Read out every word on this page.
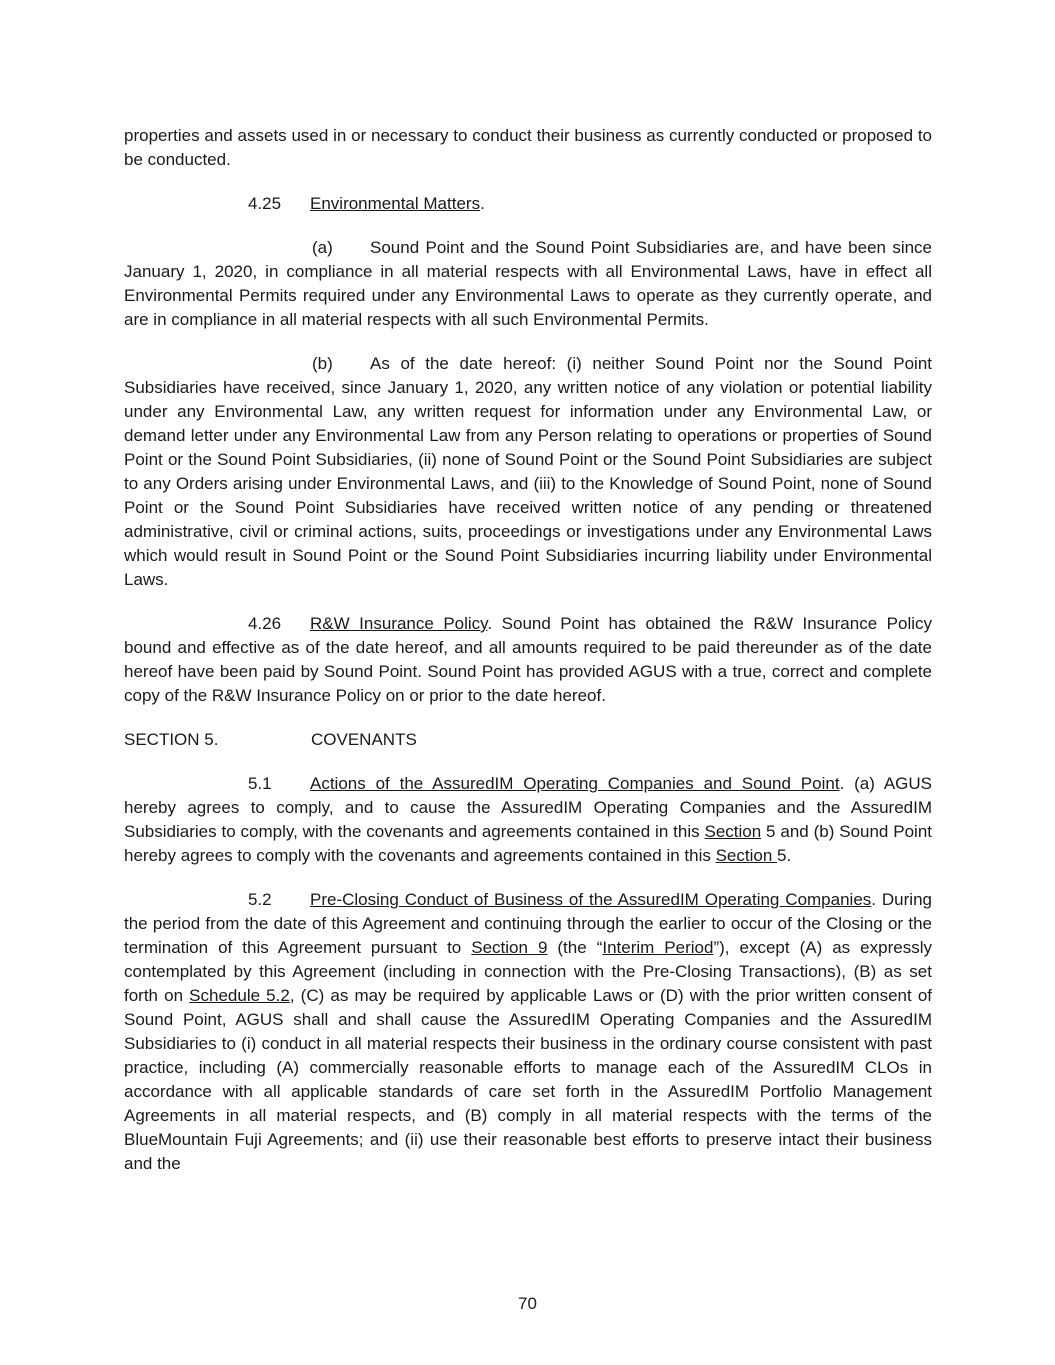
properties and assets used in or necessary to conduct their business as currently conducted or proposed to be conducted.

4.25 Environmental Matters.

(a) Sound Point and the Sound Point Subsidiaries are, and have been since January 1, 2020, in compliance in all material respects with all Environmental Laws, have in effect all Environmental Permits required under any Environmental Laws to operate as they currently operate, and are in compliance in all material respects with all such Environmental Permits.

(b) As of the date hereof: (i) neither Sound Point nor the Sound Point Subsidiaries have received, since January 1, 2020, any written notice of any violation or potential liability under any Environmental Law, any written request for information under any Environmental Law, or demand letter under any Environmental Law from any Person relating to operations or properties of Sound Point or the Sound Point Subsidiaries, (ii) none of Sound Point or the Sound Point Subsidiaries are subject to any Orders arising under Environmental Laws, and (iii) to the Knowledge of Sound Point, none of Sound Point or the Sound Point Subsidiaries have received written notice of any pending or threatened administrative, civil or criminal actions, suits, proceedings or investigations under any Environmental Laws which would result in Sound Point or the Sound Point Subsidiaries incurring liability under Environmental Laws.

4.26 R&W Insurance Policy. Sound Point has obtained the R&W Insurance Policy bound and effective as of the date hereof, and all amounts required to be paid thereunder as of the date hereof have been paid by Sound Point. Sound Point has provided AGUS with a true, correct and complete copy of the R&W Insurance Policy on or prior to the date hereof.

SECTION 5.	COVENANTS

5.1 Actions of the AssuredIM Operating Companies and Sound Point. (a) AGUS hereby agrees to comply, and to cause the AssuredIM Operating Companies and the AssuredIM Subsidiaries to comply, with the covenants and agreements contained in this Section 5 and (b) Sound Point hereby agrees to comply with the covenants and agreements contained in this Section 5.

5.2 Pre-Closing Conduct of Business of the AssuredIM Operating Companies. During the period from the date of this Agreement and continuing through the earlier to occur of the Closing or the termination of this Agreement pursuant to Section 9 (the “Interim Period”), except (A) as expressly contemplated by this Agreement (including in connection with the Pre-Closing Transactions), (B) as set forth on Schedule 5.2, (C) as may be required by applicable Laws or (D) with the prior written consent of Sound Point, AGUS shall and shall cause the AssuredIM Operating Companies and the AssuredIM Subsidiaries to (i) conduct in all material respects their business in the ordinary course consistent with past practice, including (A) commercially reasonable efforts to manage each of the AssuredIM CLOs in accordance with all applicable standards of care set forth in the AssuredIM Portfolio Management Agreements in all material respects, and (B) comply in all material respects with the terms of the BlueMountain Fuji Agreements; and (ii) use their reasonable best efforts to preserve intact their business and the

70
